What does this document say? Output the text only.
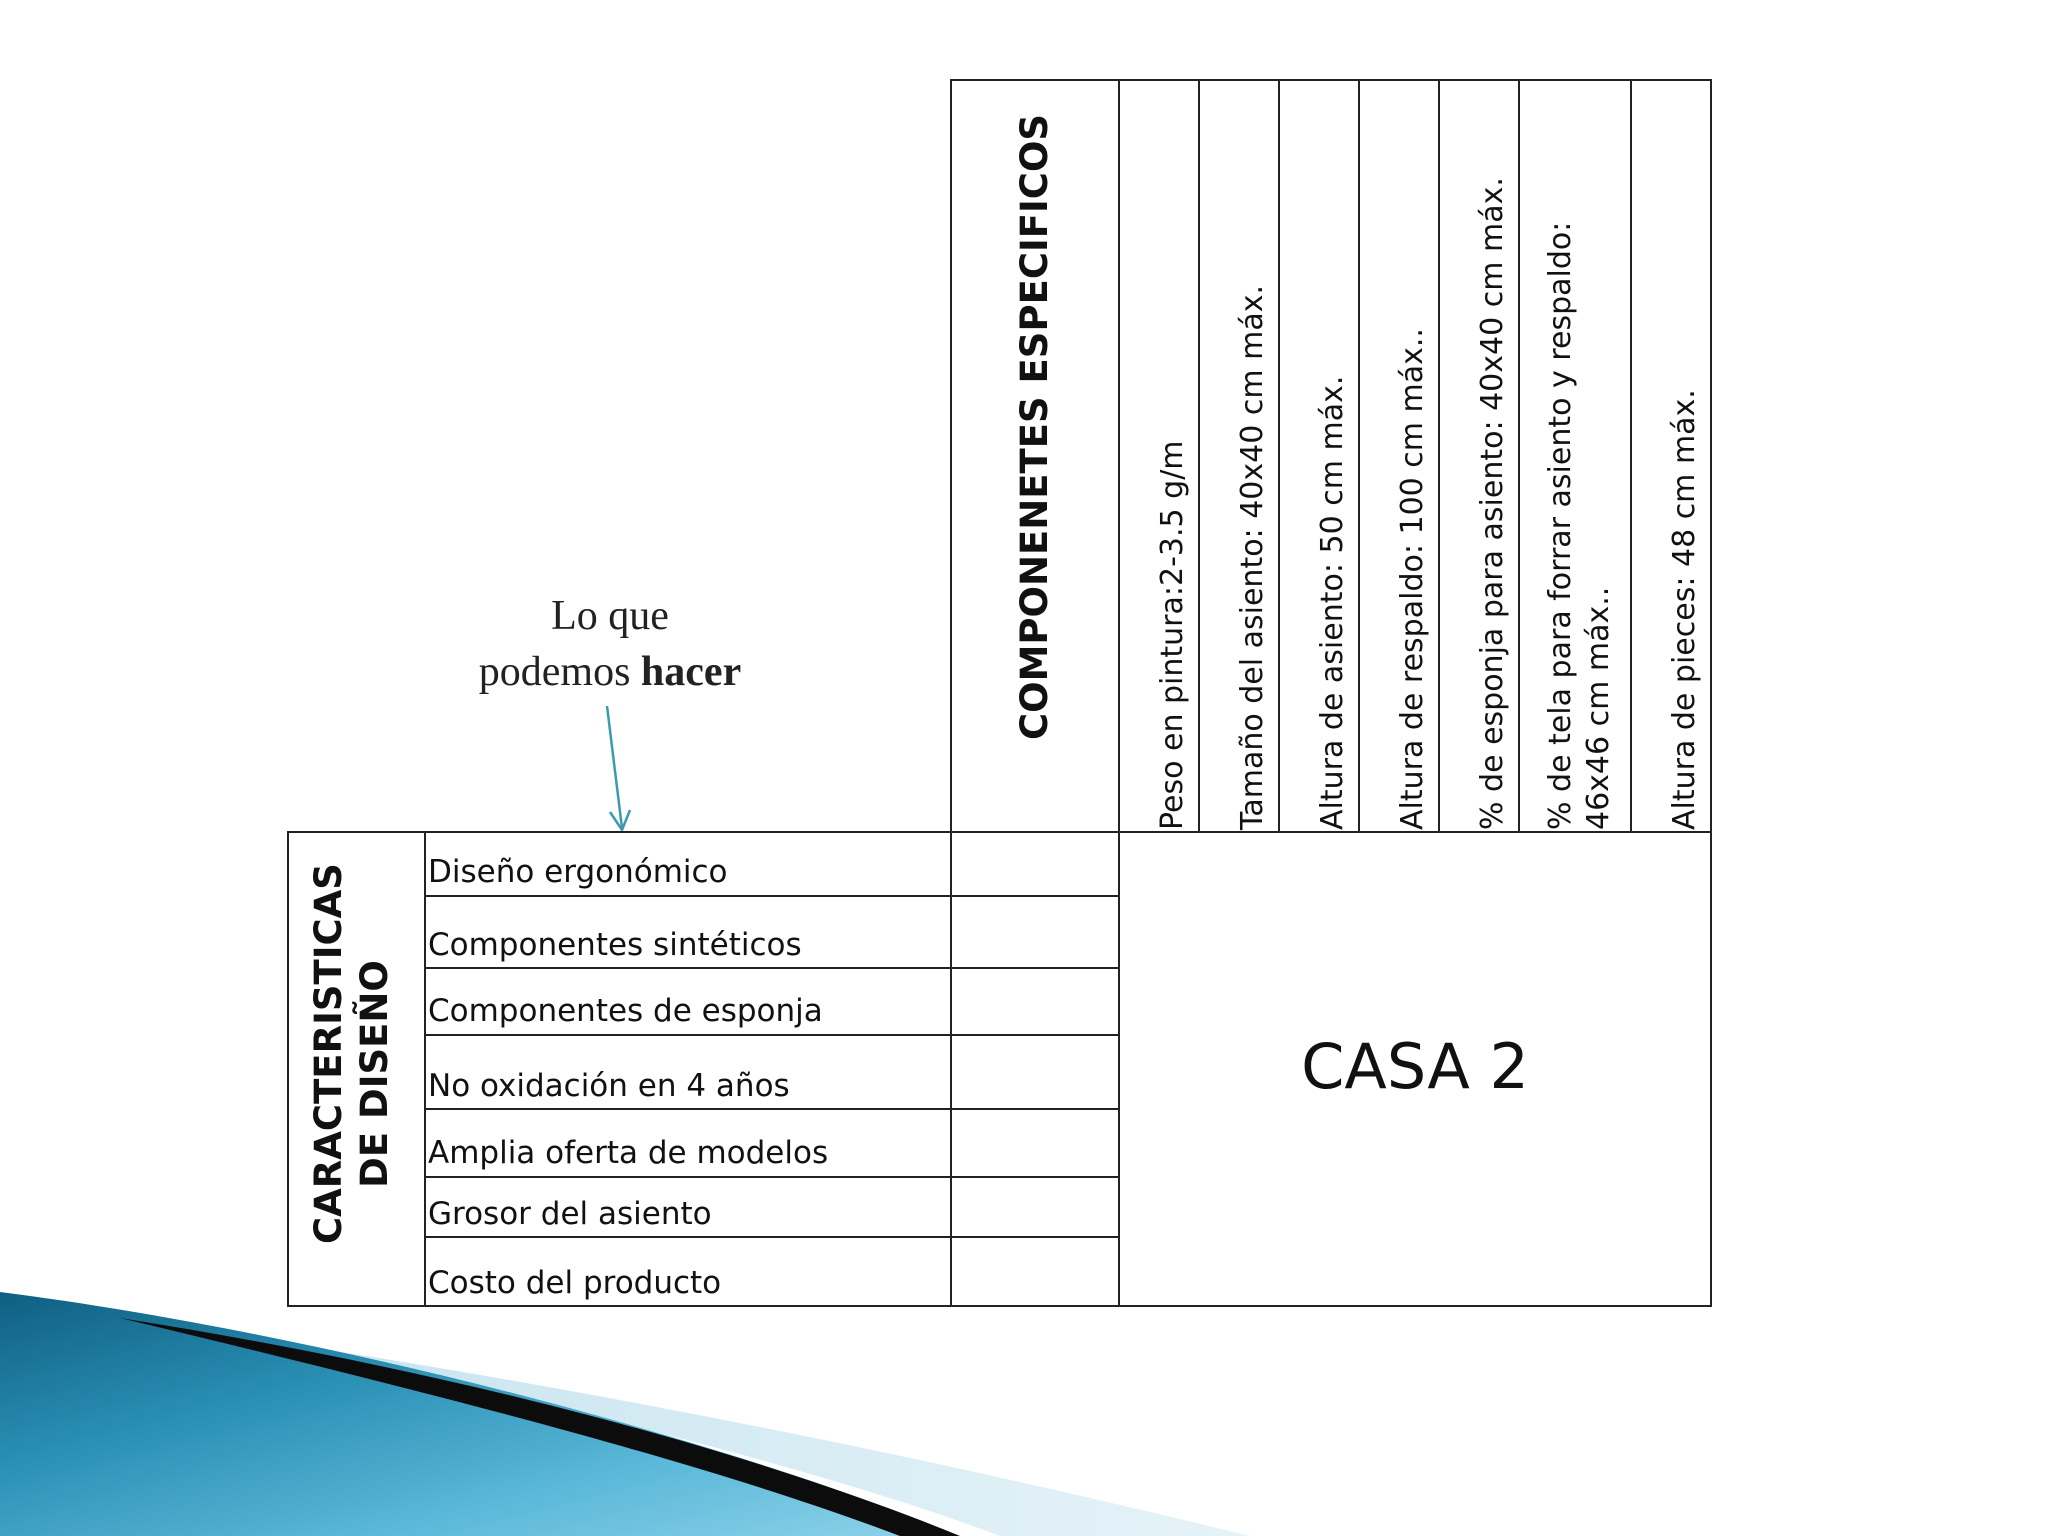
Lo que
podemos hacer	COMPONENETES ESPECIFICOS	Peso en pintura:2-3.5 g/m Tamaño del asiento: 40x40 cm máx. Altura de asiento: 50 cm máx. Altura de respaldo: 100 cm máx.. % de esponja para asiento: 40x40 cm máx. % de tela para forrar asiento y respaldo: 46x46 cm máx.. Altura de pieces: 48 cm máx.
CARACTERISTICAS DE DISEÑO
Diseño ergonómico
Componentes sintéticos
Componentes de esponja
No oxidación en 4 años
Amplia oferta de modelos
Grosor del asiento
Costo del producto
CASA 2
